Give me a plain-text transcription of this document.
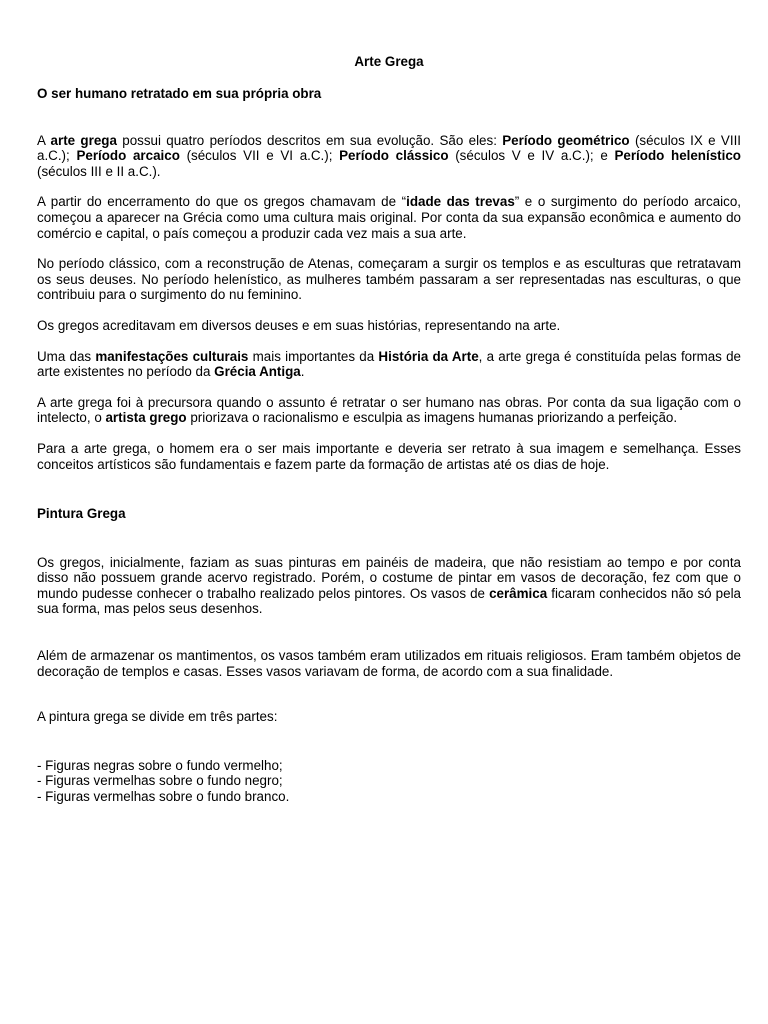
Arte Grega
O ser humano retratado em sua própria obra

A arte grega possui quatro períodos descritos em sua evolução. São eles: Período geométrico (séculos IX e VIII a.C.); Período arcaico (séculos VII e VI a.C.); Período clássico (séculos V e IV a.C.); e Período helenístico (séculos III e II a.C.).

A partir do encerramento do que os gregos chamavam de “idade das trevas” e o surgimento do período arcaico, começou a aparecer na Grécia como uma cultura mais original. Por conta da sua expansão econômica e aumento do comércio e capital, o país começou a produzir cada vez mais a sua arte.

No período clássico, com a reconstrução de Atenas, começaram a surgir os templos e as esculturas que retratavam os seus deuses. No período helenístico, as mulheres também passaram a ser representadas nas esculturas, o que contribuiu para o surgimento do nu feminino.

Os gregos acreditavam em diversos deuses e em suas histórias, representando na arte.

Uma das manifestações culturais mais importantes da História da Arte, a arte grega é constituída pelas formas de arte existentes no período da Grécia Antiga.

A arte grega foi à precursora quando o assunto é retratar o ser humano nas obras. Por conta da sua ligação com o intelecto, o artista grego priorizava o racionalismo e esculpia as imagens humanas priorizando a perfeição.

Para a arte grega, o homem era o ser mais importante e deveria ser retrato à sua imagem e semelhança. Esses conceitos artísticos são fundamentais e fazem parte da formação de artistas até os dias de hoje.

Pintura Grega

Os gregos, inicialmente, faziam as suas pinturas em painéis de madeira, que não resistiam ao tempo e por conta disso não possuem grande acervo registrado. Porém, o costume de pintar em vasos de decoração, fez com que o mundo pudesse conhecer o trabalho realizado pelos pintores. Os vasos de cerâmica ficaram conhecidos não só pela sua forma, mas pelos seus desenhos.

Além de armazenar os mantimentos, os vasos também eram utilizados em rituais religiosos. Eram também objetos de decoração de templos e casas. Esses vasos variavam de forma, de acordo com a sua finalidade.

A pintura grega se divide em três partes:

- Figuras negras sobre o fundo vermelho;
- Figuras vermelhas sobre o fundo negro;
- Figuras vermelhas sobre o fundo branco.
